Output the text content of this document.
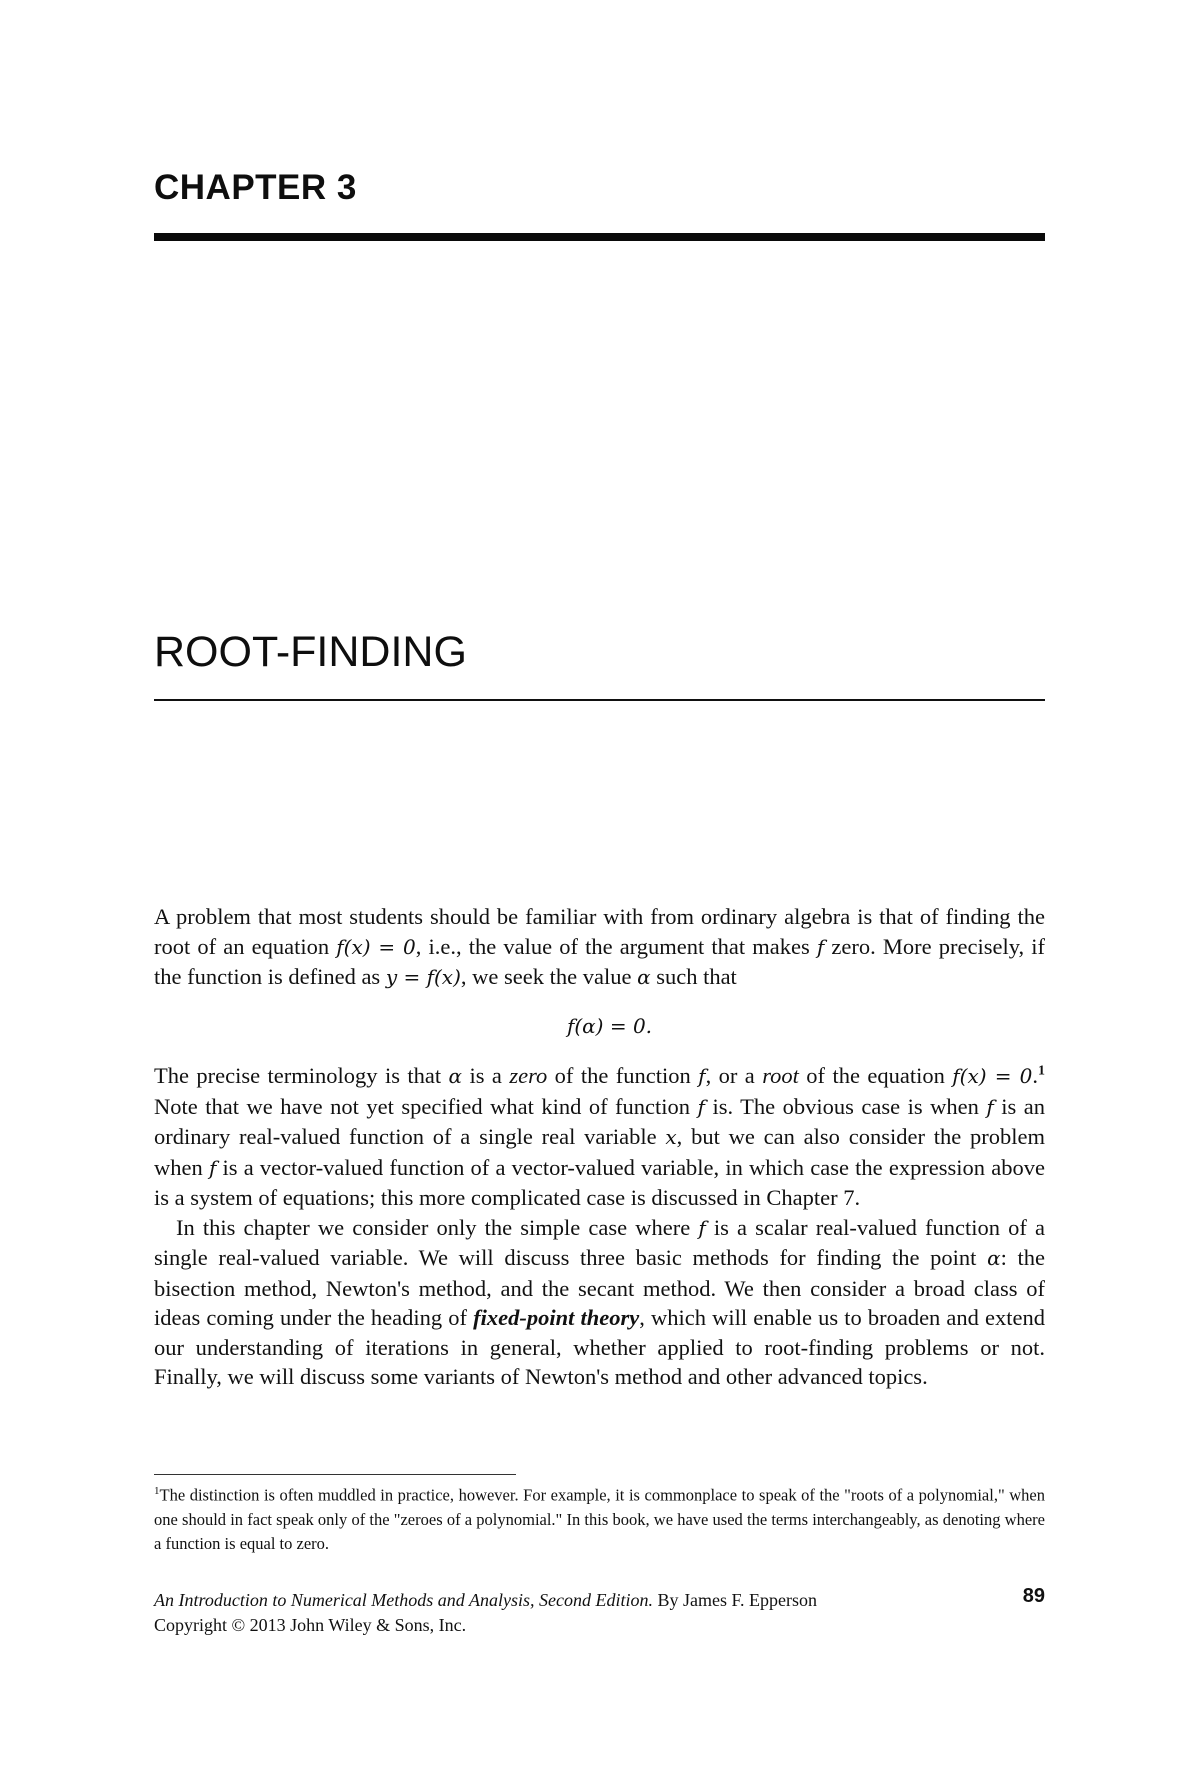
CHAPTER 3
ROOT-FINDING

A problem that most students should be familiar with from ordinary algebra is that of finding the root of an equation f(x) = 0, i.e., the value of the argument that makes f zero. More precisely, if the function is defined as y = f(x), we seek the value α such that

f(α) = 0.

The precise terminology is that α is a zero of the function f, or a root of the equation f(x) = 0.$^1$ Note that we have not yet specified what kind of function f is. The obvious case is when f is an ordinary real-valued function of a single real variable x, but we can also consider the problem when f is a vector-valued function of a vector-valued variable, in which case the expression above is a system of equations; this more complicated case is discussed in Chapter 7.

In this chapter we consider only the simple case where f is a scalar real-valued function of a single real-valued variable. We will discuss three basic methods for finding the point α: the bisection method, Newton's method, and the secant method. We then consider a broad class of ideas coming under the heading of fixed-point theory, which will enable us to broaden and extend our understanding of iterations in general, whether applied to root-finding problems or not. Finally, we will discuss some variants of Newton's method and other advanced topics.

$^1$The distinction is often muddled in practice, however. For example, it is commonplace to speak of the "roots of a polynomial," when one should in fact speak only of the "zeroes of a polynomial." In this book, we have used the terms interchangeably, as denoting where a function is equal to zero.
An Introduction to Numerical Methods and Analysis, Second Edition. By James F. Epperson
Copyright © 2013 John Wiley & Sons, Inc.
89
